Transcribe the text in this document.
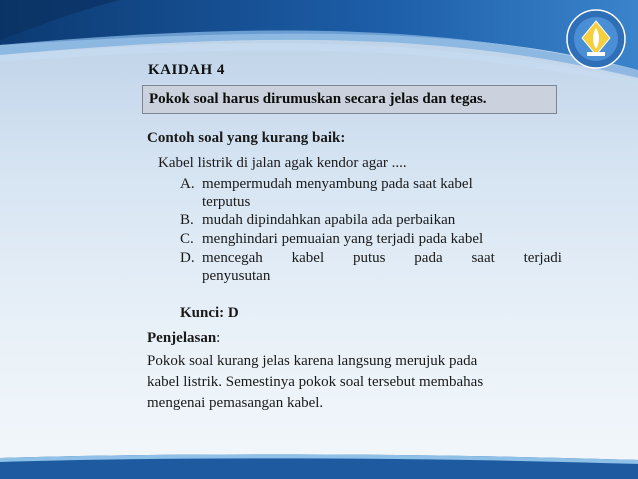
KAIDAH 4
Pokok soal harus dirumuskan secara jelas dan tegas.
Contoh soal yang kurang baik:
Kabel listrik di jalan agak kendor agar ....
A. mempermudah menyambung pada saat kabel
terputus
B. mudah dipindahkan apabila ada perbaikan
C. menghindari pemuaian yang terjadi pada kabel
D. mencegah kabel putus pada saat terjadi
penyusutan
Kunci: D
Penjelasan:
Pokok soal kurang jelas karena langsung merujuk pada
kabel listrik. Semestinya pokok soal tersebut membahas
mengenai pemasangan kabel.
